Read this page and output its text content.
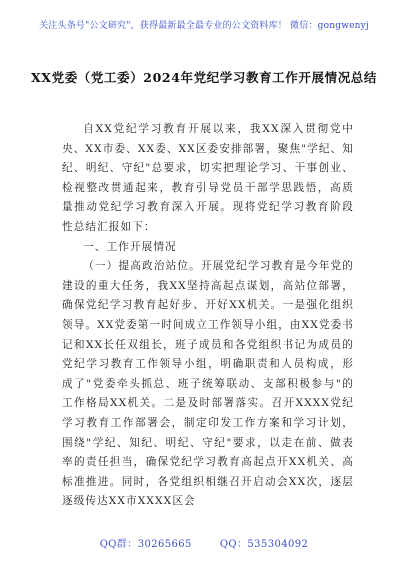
关注头条号"公文研究"，获得最新最全最专业的公文资料库！ 微信：gongwenyj
XX党委（党工委）2024年党纪学习教育工作开展情况总结

自XX党纪学习教育开展以来，我XX深入贯彻党中央、XX市委、XX委、XX区委安排部署，聚焦"学纪、知纪、明纪、守纪"总要求，切实把理论学习、干事创业、检视整改贯通起来，教育引导党员干部学思践悟，高质量推动党纪学习教育深入开展。现将党纪学习教育阶段性总结汇报如下：

一、工作开展情况

（一）提高政治站位。开展党纪学习教育是今年党的建设的重大任务，我XX坚持高起点谋划，高站位部署，确保党纪学习教育起好步、开好XX机关。一是强化组织领导。XX党委第一时间成立工作领导小组，由XX党委书记和XX长任双组长，班子成员和各党组织书记为成员的党纪学习教育工作领导小组，明确职责和人员构成，形成了"党委牵头抓总、班子统筹联动、支部积极参与"的工作格局XX机关。二是及时部署落实。召开XXXX党纪学习教育工作部署会，制定印发工作方案和学习计划，围绕"学纪、知纪、明纪、守纪"要求，以走在前、做表率的责任担当，确保党纪学习教育高起点开XX机关、高标准推进。同时，各党组织相继召开启动会XX次，逐层逐级传达XX市XXXX区会

QQ群：30265665	QQ：535304092
